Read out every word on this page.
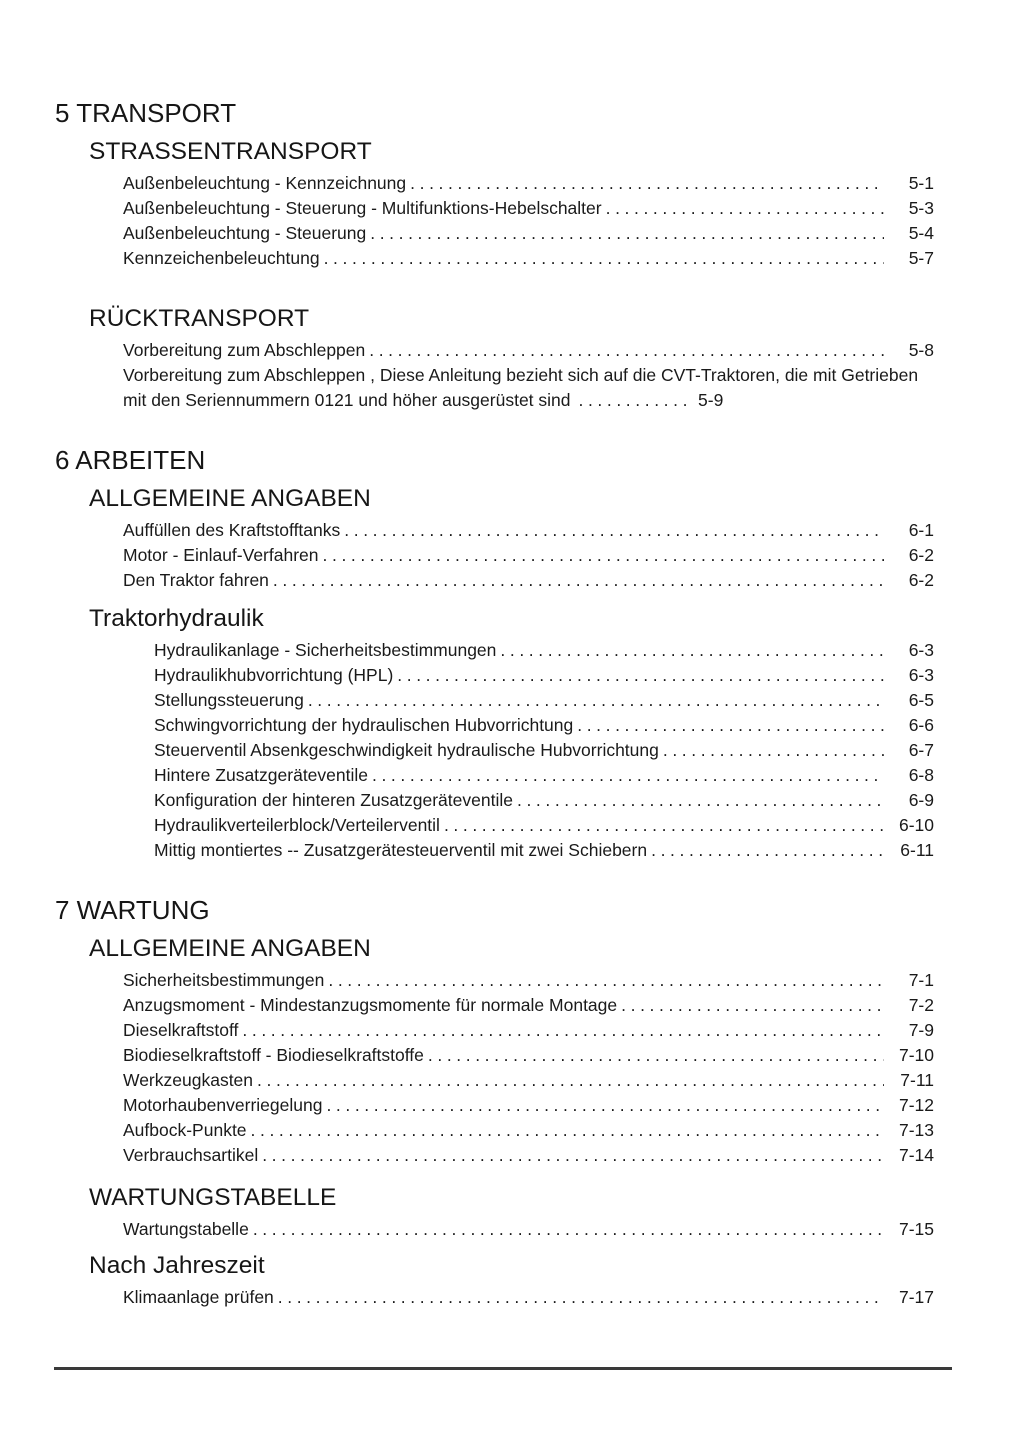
5 TRANSPORT
STRASSENTRANSPORT
Außenbeleuchtung - Kennzeichnung .....	5-1
Außenbeleuchtung - Steuerung - Multifunktions-Hebelschalter .....	5-3
Außenbeleuchtung - Steuerung .....	5-4
Kennzeichenbeleuchtung .....	5-7
RÜCKTRANSPORT
Vorbereitung zum Abschleppen .....	5-8
Vorbereitung zum Abschleppen , Diese Anleitung bezieht sich auf die CVT-Traktoren, die mit Getrieben mit den Seriennummern 0121 und höher ausgerüstet sind .....	5-9
6 ARBEITEN
ALLGEMEINE ANGABEN
Auffüllen des Kraftstofftanks .....	6-1
Motor - Einlauf-Verfahren .....	6-2
Den Traktor fahren .....	6-2
Traktorhydraulik
Hydraulikanlage - Sicherheitsbestimmungen .....	6-3
Hydraulikhubvorrichtung (HPL) .....	6-3
Stellungssteuerung .....	6-5
Schwingvorrichtung der hydraulischen Hubvorrichtung .....	6-6
Steuerventil Absenkgeschwindigkeit hydraulische Hubvorrichtung .....	6-7
Hintere Zusatzgeräteventile .....	6-8
Konfiguration der hinteren Zusatzgeräteventile .....	6-9
Hydraulikverteilerblock/Verteilerventil .....	6-10
Mittig montiertes -- Zusatzgerätesteuerventil mit zwei Schiebern .....	6-11
7 WARTUNG
ALLGEMEINE ANGABEN
Sicherheitsbestimmungen .....	7-1
Anzugsmoment - Mindestanzugsmomente für normale Montage .....	7-2
Dieselkraftstoff .....	7-9
Biodieselkraftstoff - Biodieselkraftstoffe .....	7-10
Werkzeugkasten .....	7-11
Motorhaubenverriegelung .....	7-12
Aufbock-Punkte .....	7-13
Verbrauchsartikel .....	7-14
WARTUNGSTABELLE
Wartungstabelle .....	7-15
Nach Jahreszeit
Klimaanlage prüfen .....	7-17
